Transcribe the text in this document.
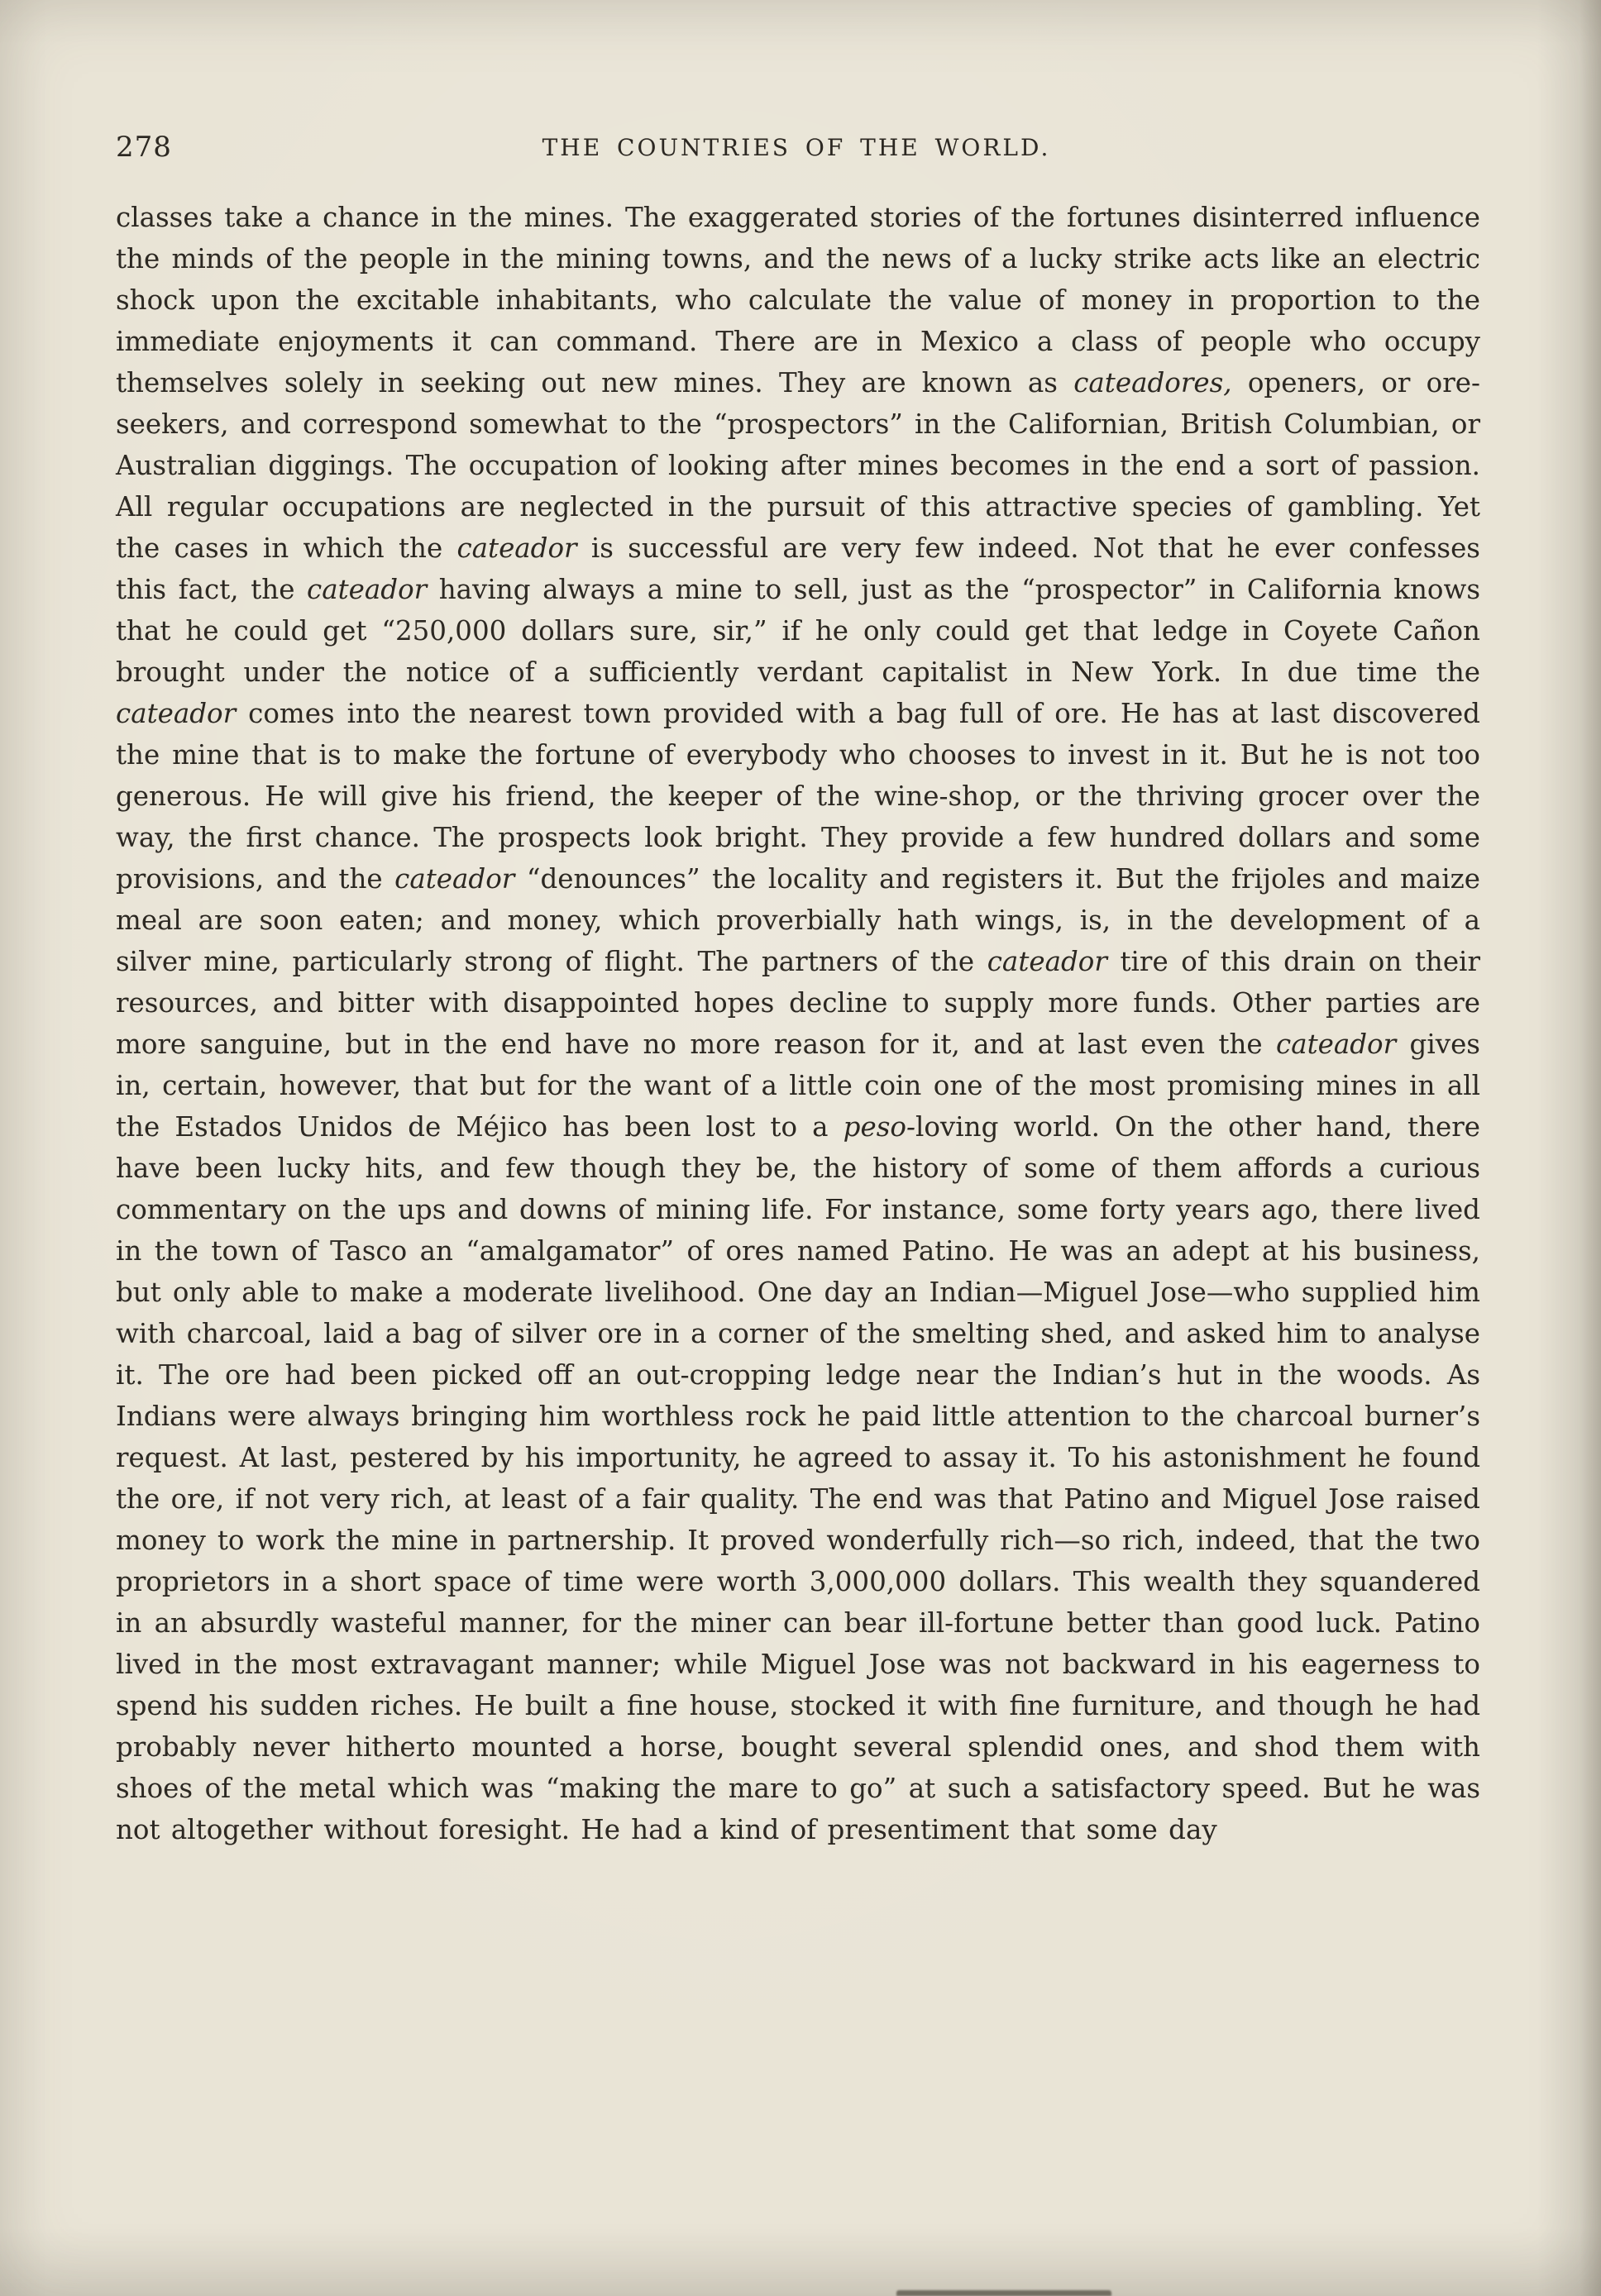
278	THE COUNTRIES OF THE WORLD.

classes take a chance in the mines. The exaggerated stories of the fortunes disinterred influence the minds of the people in the mining towns, and the news of a lucky strike acts like an electric shock upon the excitable inhabitants, who calculate the value of money in proportion to the immediate enjoyments it can command. There are in Mexico a class of people who occupy themselves solely in seeking out new mines. They are known as cateadores, openers, or ore-seekers, and correspond somewhat to the “prospectors” in the Californian, British Columbian, or Australian diggings. The occupation of looking after mines becomes in the end a sort of passion. All regular occupations are neglected in the pursuit of this attractive species of gambling. Yet the cases in which the cateador is successful are very few indeed. Not that he ever confesses this fact, the cateador having always a mine to sell, just as the “prospector” in California knows that he could get “250,000 dollars sure, sir,” if he only could get that ledge in Coyete Cañon brought under the notice of a sufficiently verdant capitalist in New York. In due time the cateador comes into the nearest town provided with a bag full of ore. He has at last discovered the mine that is to make the fortune of everybody who chooses to invest in it. But he is not too generous. He will give his friend, the keeper of the wine-shop, or the thriving grocer over the way, the first chance. The prospects look bright. They provide a few hundred dollars and some provisions, and the cateador “denounces” the locality and registers it. But the frijoles and maize meal are soon eaten; and money, which proverbially hath wings, is, in the development of a silver mine, particularly strong of flight. The partners of the cateador tire of this drain on their resources, and bitter with disappointed hopes decline to supply more funds. Other parties are more sanguine, but in the end have no more reason for it, and at last even the cateador gives in, certain, however, that but for the want of a little coin one of the most promising mines in all the Estados Unidos de Méjico has been lost to a peso-loving world. On the other hand, there have been lucky hits, and few though they be, the history of some of them affords a curious commentary on the ups and downs of mining life. For instance, some forty years ago, there lived in the town of Tasco an “amalgamator” of ores named Patino. He was an adept at his business, but only able to make a moderate livelihood. One day an Indian—Miguel Jose—who supplied him with charcoal, laid a bag of silver ore in a corner of the smelting shed, and asked him to analyse it. The ore had been picked off an out-cropping ledge near the Indian’s hut in the woods. As Indians were always bringing him worthless rock he paid little attention to the charcoal burner’s request. At last, pestered by his importunity, he agreed to assay it. To his astonishment he found the ore, if not very rich, at least of a fair quality. The end was that Patino and Miguel Jose raised money to work the mine in partnership. It proved wonderfully rich—so rich, indeed, that the two proprietors in a short space of time were worth 3,000,000 dollars. This wealth they squandered in an absurdly wasteful manner, for the miner can bear ill-fortune better than good luck. Patino lived in the most extravagant manner; while Miguel Jose was not backward in his eagerness to spend his sudden riches. He built a fine house, stocked it with fine furniture, and though he had probably never hitherto mounted a horse, bought several splendid ones, and shod them with shoes of the metal which was “making the mare to go” at such a satisfactory speed. But he was not altogether without foresight. He had a kind of presentiment that some day
